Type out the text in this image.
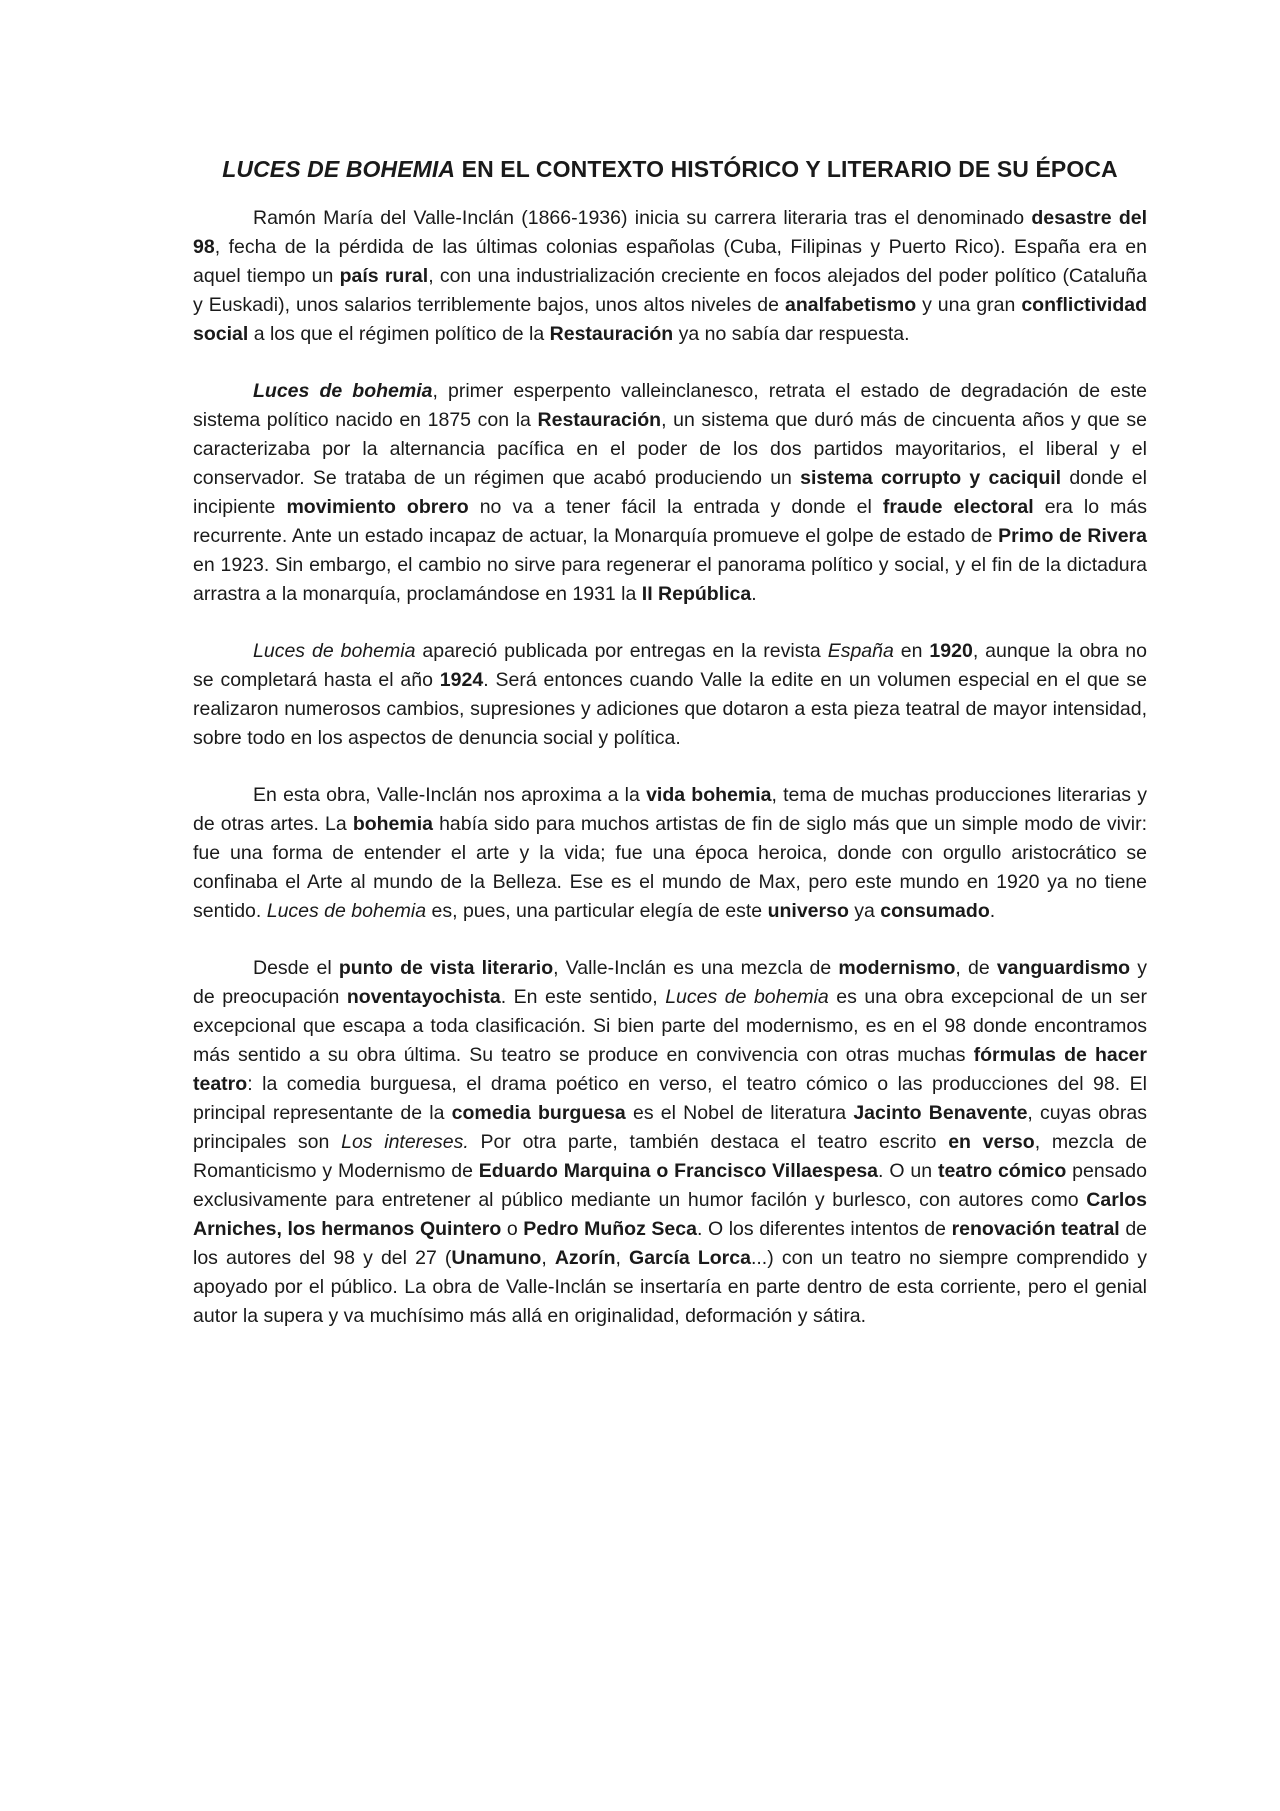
LUCES DE BOHEMIA EN EL CONTEXTO HISTÓRICO Y LITERARIO DE SU ÉPOCA

Ramón María del Valle-Inclán (1866-1936) inicia su carrera literaria tras el denominado desastre del 98, fecha de la pérdida de las últimas colonias españolas (Cuba, Filipinas y Puerto Rico). España era en aquel tiempo un país rural, con una industrialización creciente en focos alejados del poder político (Cataluña y Euskadi), unos salarios terriblemente bajos, unos altos niveles de analfabetismo y una gran conflictividad social a los que el régimen político de la Restauración ya no sabía dar respuesta.

Luces de bohemia, primer esperpento valleinclanesco, retrata el estado de degradación de este sistema político nacido en 1875 con la Restauración, un sistema que duró más de cincuenta años y que se caracterizaba por la alternancia pacífica en el poder de los dos partidos mayoritarios, el liberal y el conservador. Se trataba de un régimen que acabó produciendo un sistema corrupto y caciquil donde el incipiente movimiento obrero no va a tener fácil la entrada y donde el fraude electoral era lo más recurrente. Ante un estado incapaz de actuar, la Monarquía promueve el golpe de estado de Primo de Rivera en 1923. Sin embargo, el cambio no sirve para regenerar el panorama político y social, y el fin de la dictadura arrastra a la monarquía, proclamándose en 1931 la II República.

Luces de bohemia apareció publicada por entregas en la revista España en 1920, aunque la obra no se completará hasta el año 1924. Será entonces cuando Valle la edite en un volumen especial en el que se realizaron numerosos cambios, supresiones y adiciones que dotaron a esta pieza teatral de mayor intensidad, sobre todo en los aspectos de denuncia social y política.

En esta obra, Valle-Inclán nos aproxima a la vida bohemia, tema de muchas producciones literarias y de otras artes. La bohemia había sido para muchos artistas de fin de siglo más que un simple modo de vivir: fue una forma de entender el arte y la vida; fue una época heroica, donde con orgullo aristocrático se confinaba el Arte al mundo de la Belleza. Ese es el mundo de Max, pero este mundo en 1920 ya no tiene sentido. Luces de bohemia es, pues, una particular elegía de este universo ya consumado.

Desde el punto de vista literario, Valle-Inclán es una mezcla de modernismo, de vanguardismo y de preocupación noventayochista. En este sentido, Luces de bohemia es una obra excepcional de un ser excepcional que escapa a toda clasificación. Si bien parte del modernismo, es en el 98 donde encontramos más sentido a su obra última. Su teatro se produce en convivencia con otras muchas fórmulas de hacer teatro: la comedia burguesa, el drama poético en verso, el teatro cómico o las producciones del 98. El principal representante de la comedia burguesa es el Nobel de literatura Jacinto Benavente, cuyas obras principales son Los intereses. Por otra parte, también destaca el teatro escrito en verso, mezcla de Romanticismo y Modernismo de Eduardo Marquina o Francisco Villaespesa. O un teatro cómico pensado exclusivamente para entretener al público mediante un humor facilón y burlesco, con autores como Carlos Arniches, los hermanos Quintero o Pedro Muñoz Seca. O los diferentes intentos de renovación teatral de los autores del 98 y del 27 (Unamuno, Azorín, García Lorca...) con un teatro no siempre comprendido y apoyado por el público. La obra de Valle-Inclán se insertaría en parte dentro de esta corriente, pero el genial autor la supera y va muchísimo más allá en originalidad, deformación y sátira.
